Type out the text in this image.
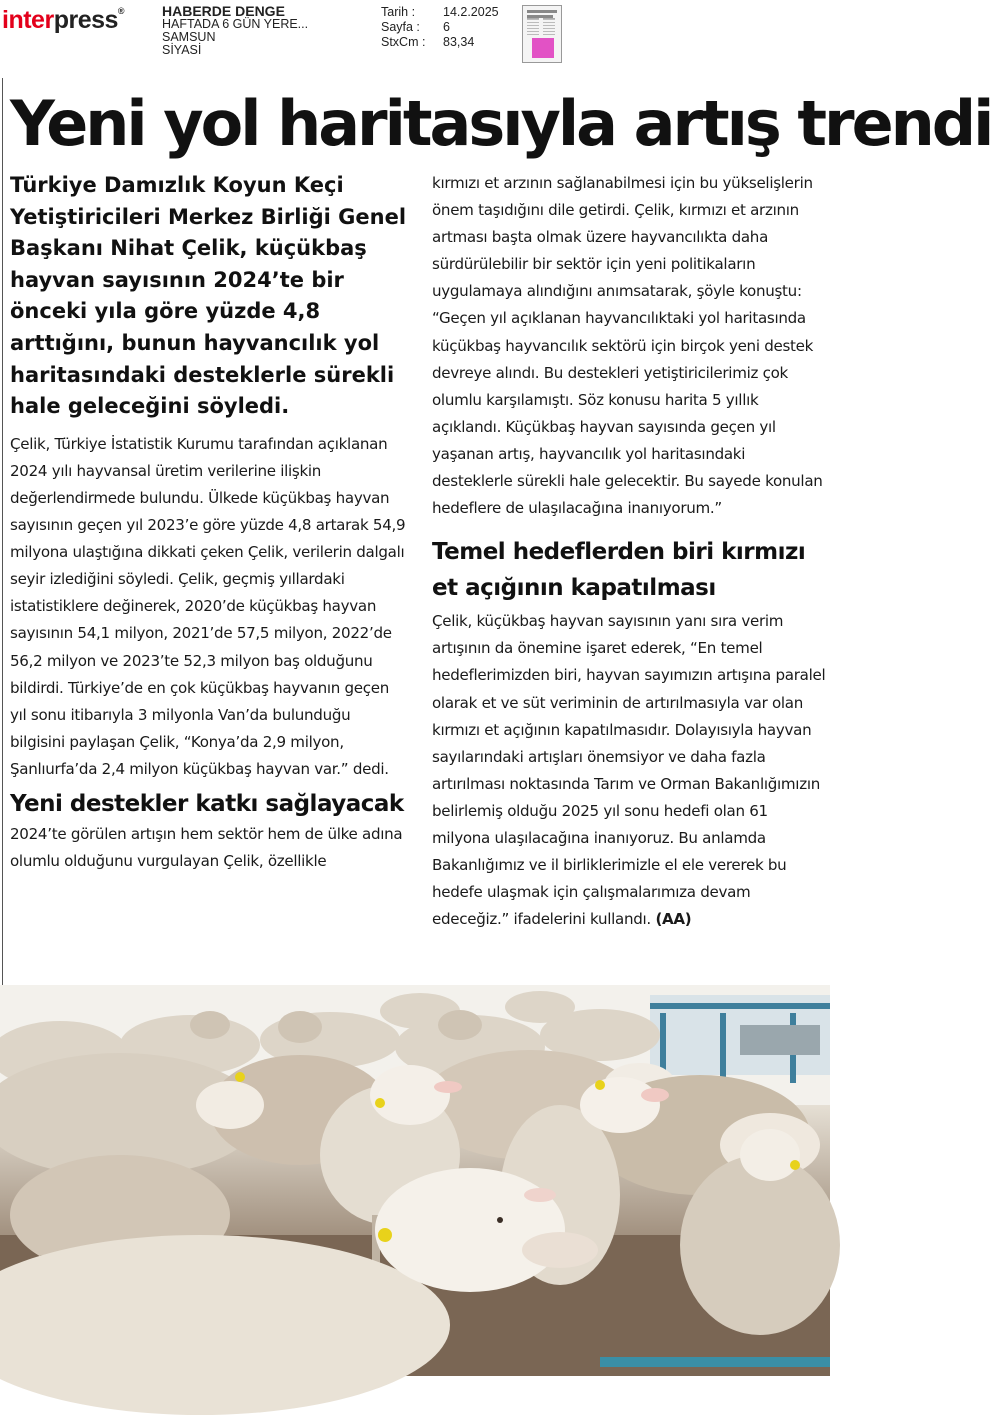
interpress®	HABERDE DENGE
HAFTADA 6 GÜN YERE...
SAMSUN
SİYASİ
Tarih :	14.2.2025
Sayfa :	6
StxCm :	83,34
Yeni yol haritasıyla artış trendi

Türkiye Damızlık Koyun Keçi Yetiştiricileri Merkez Birliği Genel Başkanı Nihat Çelik, küçükbaş hayvan sayısının 2024’te bir önceki yıla göre yüzde 4,8 arttığını, bunun hayvancılık yol haritasındaki desteklerle sürekli hale geleceğini söyledi.

Çelik, Türkiye İstatistik Kurumu tarafından açıklanan 2024 yılı hayvansal üretim verilerine ilişkin değerlendirmede bulundu. Ülkede küçükbaş hayvan sayısının geçen yıl 2023’e göre yüzde 4,8 artarak 54,9 milyona ulaştığına dikkati çeken Çelik, verilerin dalgalı seyir izlediğini söyledi. Çelik, geçmiş yıllardaki istatistiklere değinerek, 2020’de küçükbaş hayvan sayısının 54,1 milyon, 2021’de 57,5 milyon, 2022’de 56,2 milyon ve 2023’te 52,3 milyon baş olduğunu bildirdi. Türkiye’de en çok küçükbaş hayvanın geçen yıl sonu itibarıyla 3 milyonla Van’da bulunduğu bilgisini paylaşan Çelik, “Konya’da 2,9 milyon, Şanlıurfa’da 2,4 milyon küçükbaş hayvan var.” dedi.

Yeni destekler katkı sağlayacak

2024’te görülen artışın hem sektör hem de ülke adına olumlu olduğunu vurgulayan Çelik, özellikle

kırmızı et arzının sağlanabilmesi için bu yükselişlerin önem taşıdığını dile getirdi. Çelik, kırmızı et arzının artması başta olmak üzere hayvancılıkta daha sürdürülebilir bir sektör için yeni politikaların uygulamaya alındığını anımsatarak, şöyle konuştu: “Geçen yıl açıklanan hayvancılıktaki yol haritasında küçükbaş hayvancılık sektörü için birçok yeni destek devreye alındı. Bu destekleri yetiştiricilerimiz çok olumlu karşılamıştı. Söz konusu harita 5 yıllık açıklandı. Küçükbaş hayvan sayısında geçen yıl yaşanan artış, hayvancılık yol haritasındaki desteklerle sürekli hale gelecektir. Bu sayede konulan hedeflere de ulaşılacağına inanıyorum.”

Temel hedeflerden biri kırmızı et açığının kapatılması

Çelik, küçükbaş hayvan sayısının yanı sıra verim artışının da önemine işaret ederek, “En temel hedeflerimizden biri, hayvan sayımızın artışına paralel olarak et ve süt veriminin de artırılmasıyla var olan kırmızı et açığının kapatılmasıdır. Dolayısıyla hayvan sayılarındaki artışları önemsiyor ve daha fazla artırılması noktasında Tarım ve Orman Bakanlığımızın belirlemiş olduğu 2025 yıl sonu hedefi olan 61 milyona ulaşılacağına inanıyoruz. Bu anlamda Bakanlığımız ve il birliklerimizle el ele vererek bu hedefe ulaşmak için çalışmalarımıza devam edeceğiz.” ifadelerini kullandı. (AA)
